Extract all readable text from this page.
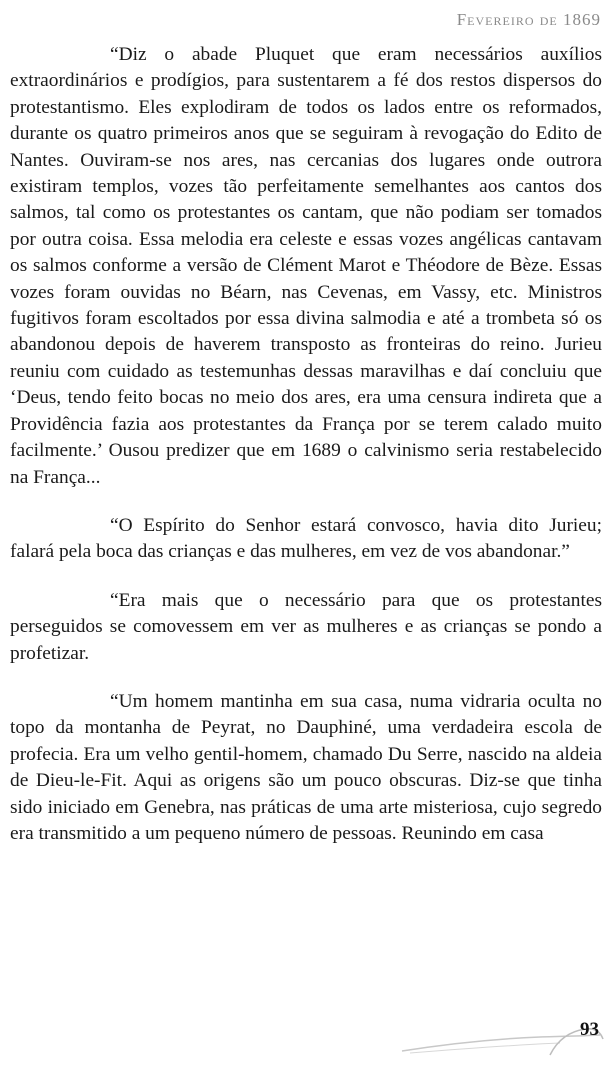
Fevereiro de 1869

“Diz o abade Pluquet que eram necessários auxílios extraordinários e prodígios, para sustentarem a fé dos restos dispersos do protestantismo. Eles explodiram de todos os lados entre os reformados, durante os quatro primeiros anos que se seguiram à revogação do Edito de Nantes. Ouviram-se nos ares, nas cercanias dos lugares onde outrora existiram templos, vozes tão perfeitamente semelhantes aos cantos dos salmos, tal como os protestantes os cantam, que não podiam ser tomados por outra coisa. Essa melodia era celeste e essas vozes angélicas cantavam os salmos conforme a versão de Clément Marot e Théodore de Bèze. Essas vozes foram ouvidas no Béarn, nas Cevenas, em Vassy, etc. Ministros fugitivos foram escoltados por essa divina salmodia e até a trombeta só os abandonou depois de haverem transposto as fronteiras do reino. Jurieu reuniu com cuidado as testemunhas dessas maravilhas e daí concluiu que ‘Deus, tendo feito bocas no meio dos ares, era uma censura indireta que a Providência fazia aos protestantes da França por se terem calado muito facilmente.’ Ousou predizer que em 1689 o calvinismo seria restabelecido na França...

“O Espírito do Senhor estará convosco, havia dito Jurieu; falará pela boca das crianças e das mulheres, em vez de vos abandonar.”

“Era mais que o necessário para que os protestantes perseguidos se comovessem em ver as mulheres e as crianças se pondo a profetizar.

“Um homem mantinha em sua casa, numa vidraria oculta no topo da montanha de Peyrat, no Dauphiné, uma verdadeira escola de profecia. Era um velho gentil-homem, chamado Du Serre, nascido na aldeia de Dieu-le-Fit. Aqui as origens são um pouco obscuras. Diz-se que tinha sido iniciado em Genebra, nas práticas de uma arte misteriosa, cujo segredo era transmitido a um pequeno número de pessoas. Reunindo em casa

93
